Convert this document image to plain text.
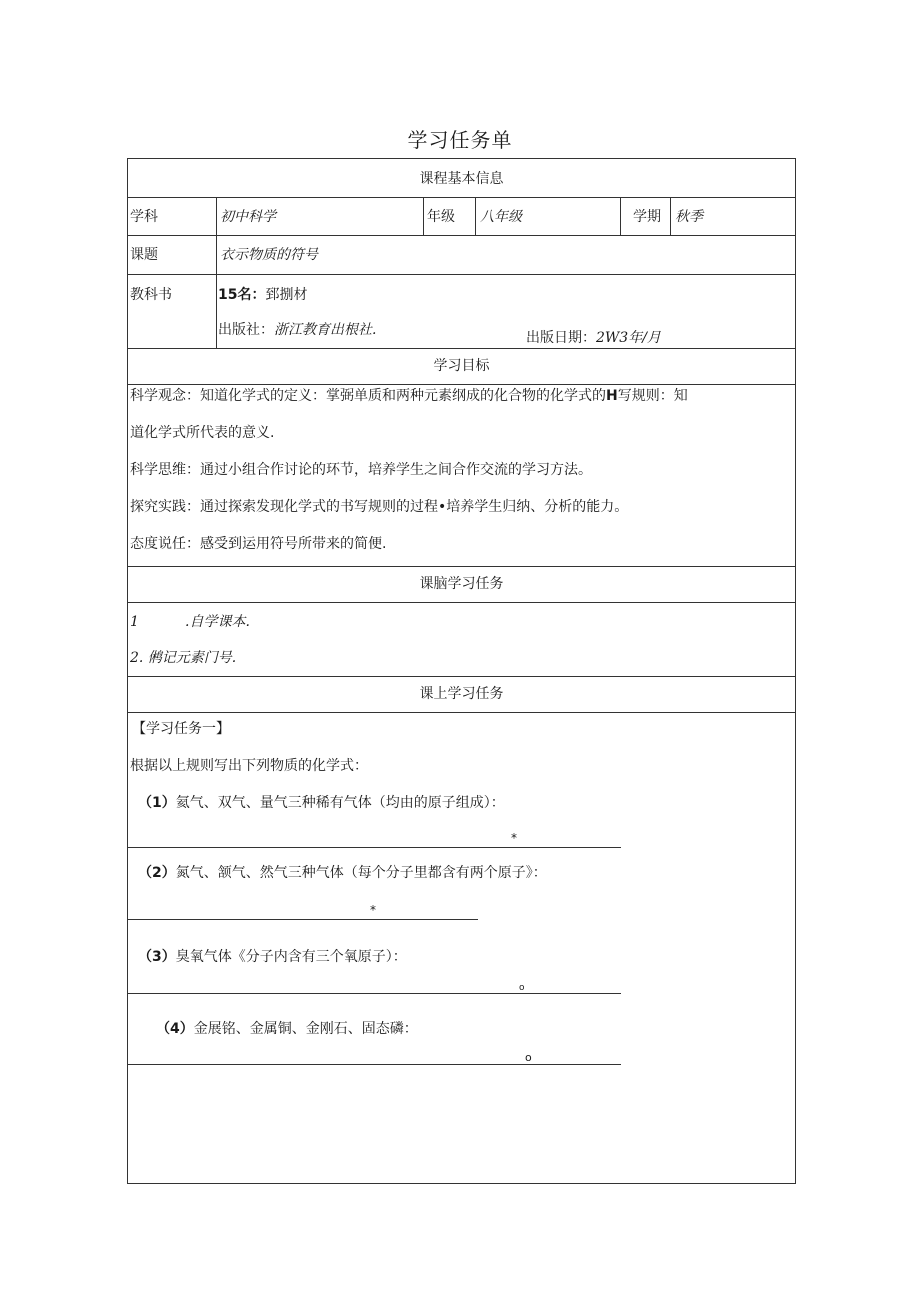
学习任务单
课程基本信息
学科	初中科学	年级 八年级	学期 秋季
课题	衣示物质的符号
教科书	15名：郅捌材
出版社：浙江教育出根社.	出版日期：2W3年/月
学习目标
科学观念：知道化学式的定义：掌弼单质和两种元素纲成的化合物的化学式的H写规则：知
道化学式所代表的意义.
科学思维：通过小组合作讨论的环节，培养学生之间合作交流的学习方法。
探究实践：通过探索发现化学式的书写规则的过程•培养学生归纳、分析的能力。
态度说任：感受到运用符号所带来的简便.
课脑学习任务
1	.自学课本.
2. 鸺记元素门号.
课上学习任务
【学习任务一】
根据以上规则写出下列物质的化学式：
（1）氦气、双气、量气三种稀有气体（均由的原子组成）：
*
（2）氮气、颔气、然气三种气体（每个分子里都含有两个原子》：
*
（3）臭氧气体《分子内含有三个氧原子）：
o
（4）金展铭、金属铜、金刚石、固态磷：
o
